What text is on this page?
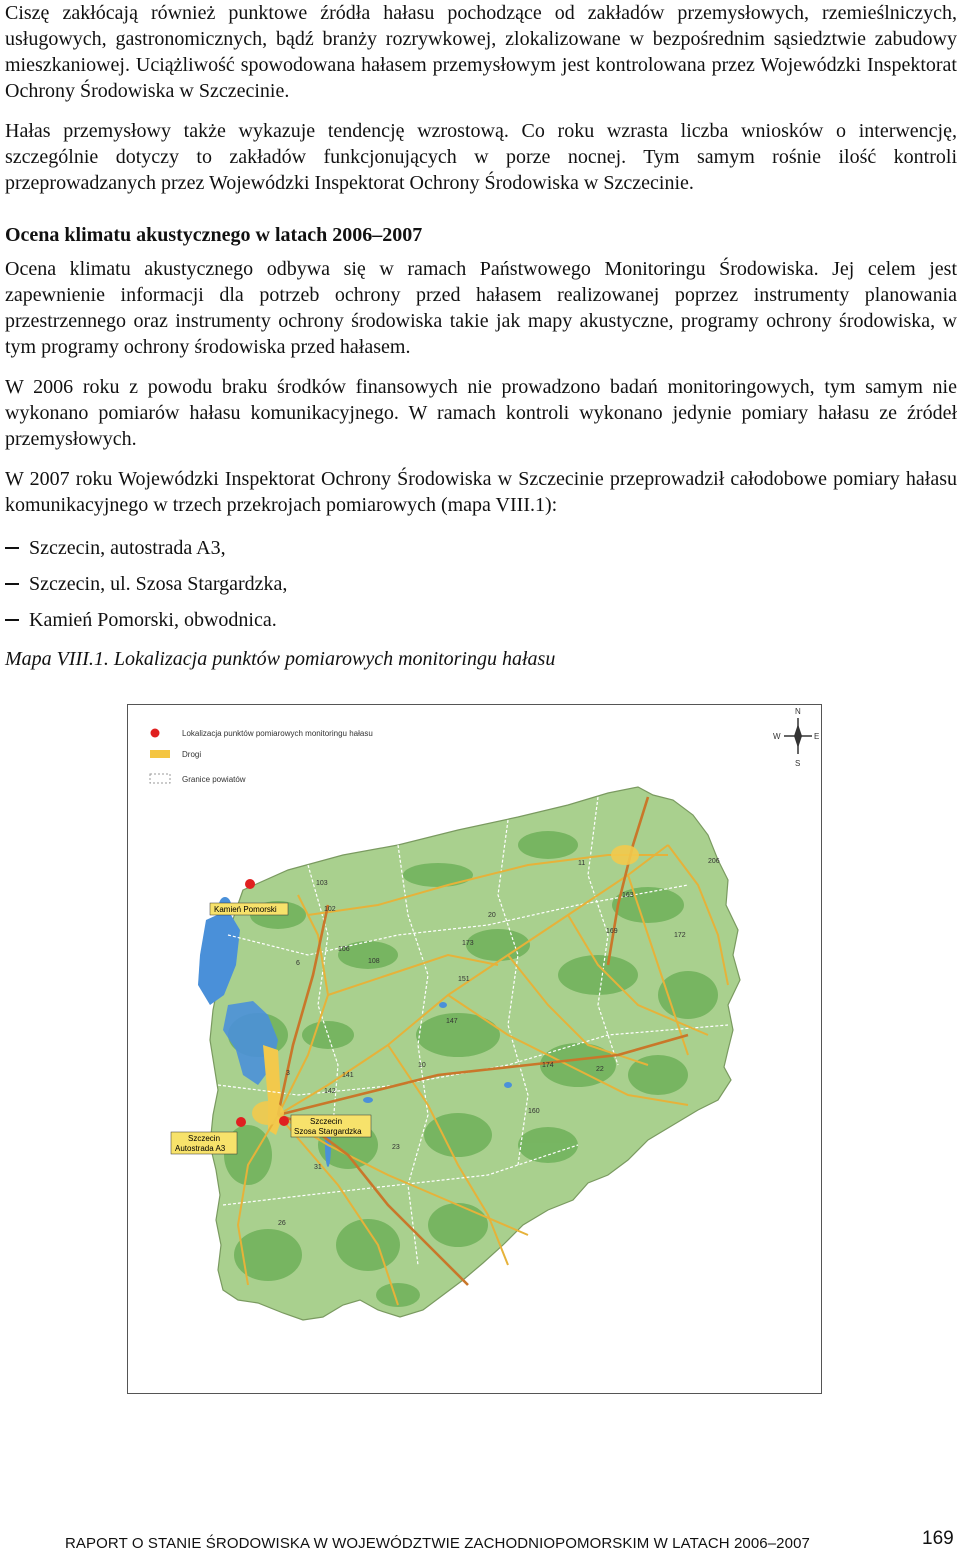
Ciszę zakłócają również punktowe źródła hałasu pochodzące od zakładów przemysłowych, rzemieślniczych, usługowych, gastronomicznych, bądź branży rozrywkowej, zlokalizowane w bezpośrednim sąsiedztwie zabudowy mieszkaniowej. Uciążliwość spowodowana hałasem przemysłowym jest kontrolowana przez Wojewódzki Inspektorat Ochrony Środowiska w Szczecinie.

Hałas przemysłowy także wykazuje tendencję wzrostową. Co roku wzrasta liczba wniosków o interwencję, szczególnie dotyczy to zakładów funkcjonujących w porze nocnej. Tym samym rośnie ilość kontroli przeprowadzanych przez Wojewódzki Inspektorat Ochrony Środowiska w Szczecinie.

Ocena klimatu akustycznego w latach 2006–2007

Ocena klimatu akustycznego odbywa się w ramach Państwowego Monitoringu Środowiska. Jej celem jest zapewnienie informacji dla potrzeb ochrony przed hałasem realizowanej poprzez instrumenty planowania przestrzennego oraz instrumenty ochrony środowiska takie jak mapy akustyczne, programy ochrony środowiska, w tym programy ochrony środowiska przed hałasem.

W 2006 roku z powodu braku środków finansowych nie prowadzono badań monitoringowych, tym samym nie wykonano pomiarów hałasu komunikacyjnego. W ramach kontroli wykonano jedynie pomiary hałasu ze źródeł przemysłowych.

W 2007 roku Wojewódzki Inspektorat Ochrony Środowiska w Szczecinie przeprowadził całodobowe pomiary hałasu komunikacyjnego w trzech przekrojach pomiarowych (mapa VIII.1):

Szczecin, autostrada A3,
Szczecin, ul. Szosa Stargardzka,
Kamień Pomorski, obwodnica.

Mapa VIII.1. Lokalizacja punktów pomiarowych monitoringu hałasu

Lokalizacja punktów pomiarowych monitoringu hałasu
Drogi
Granice powiatów
N
S
E
W
103
102
6
106
108
3
10
142
141
147
151
173
20
172
11
163
169
206
174
160
22
31
26
23
Kamień Pomorski
Szczecin
Autostrada A3
Szczecin
Szosa Stargardzka
RAPORT O STANIE ŚRODOWISKA W WOJEWÓDZTWIE ZACHODNIOPOMORSKIM W LATACH 2006–2007	169
